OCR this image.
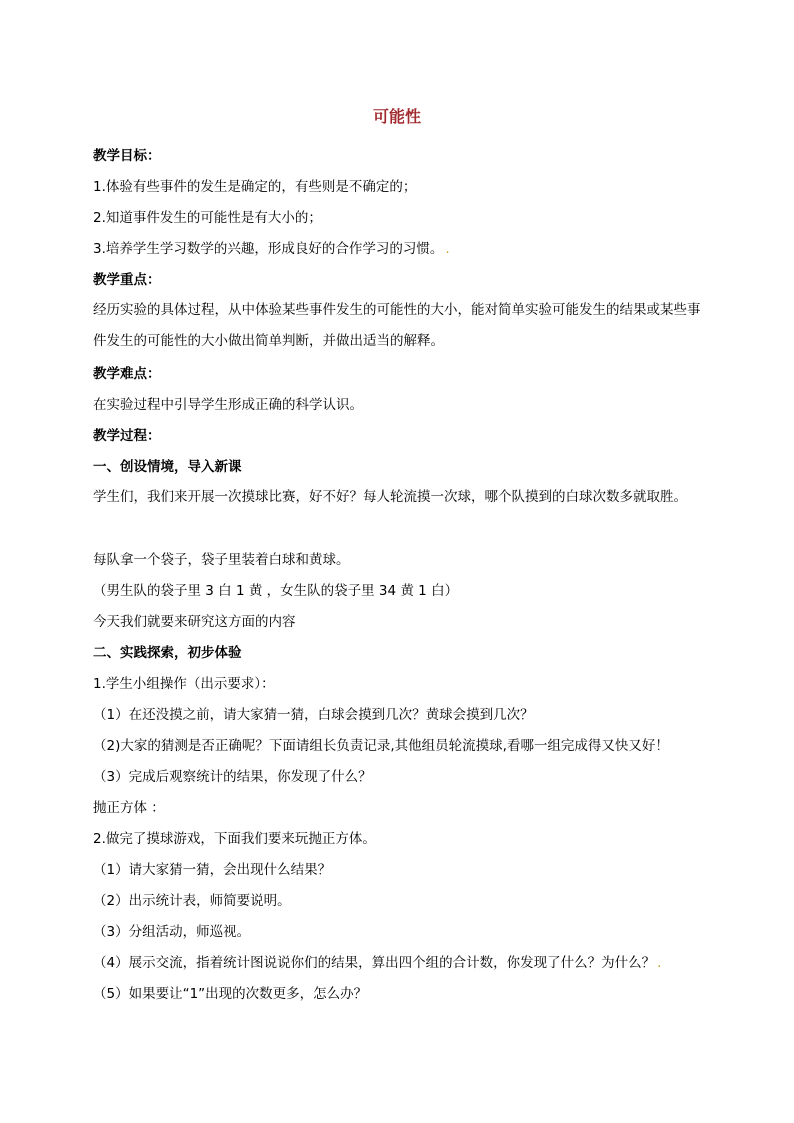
可能性
教学目标：
1.体验有些事件的发生是确定的，有些则是不确定的；
2.知道事件发生的可能性是有大小的；
3.培养学生学习数学的兴趣，形成良好的合作学习的习惯。 .
教学重点：
经历实验的具体过程，从中体验某些事件发生的可能性的大小，能对简单实验可能发生的结果或某些事件发生的可能性的大小做出简单判断，并做出适当的解释。
教学难点：
在实验过程中引导学生形成正确的科学认识。
教学过程：
一、创设情境，导入新课
学生们，我们来开展一次摸球比赛，好不好？每人轮流摸一次球，哪个队摸到的白球次数多就取胜。
每队拿一个袋子，袋子里装着白球和黄球。
（男生队的袋子里 3 白 1 黄 ，女生队的袋子里 34 黄 1 白）
今天我们就要来研究这方面的内容
二、实践探索，初步体验
1.学生小组操作（出示要求）：
（1）在还没摸之前，请大家猜一猜，白球会摸到几次？黄球会摸到几次？
（2)大家的猜测是否正确呢？下面请组长负责记录,其他组员轮流摸球,看哪一组完成得又快又好！
（3）完成后观察统计的结果，你发现了什么？
抛正方体 ：
2.做完了摸球游戏，下面我们要来玩抛正方体。
（1）请大家猜一猜，会出现什么结果？
（2）出示统计表，师简要说明。
（3）分组活动，师巡视。
（4）展示交流，指着统计图说说你们的结果，算出四个组的合计数，你发现了什么？为什么？ .
（5）如果要让“1”出现的次数更多，怎么办？
